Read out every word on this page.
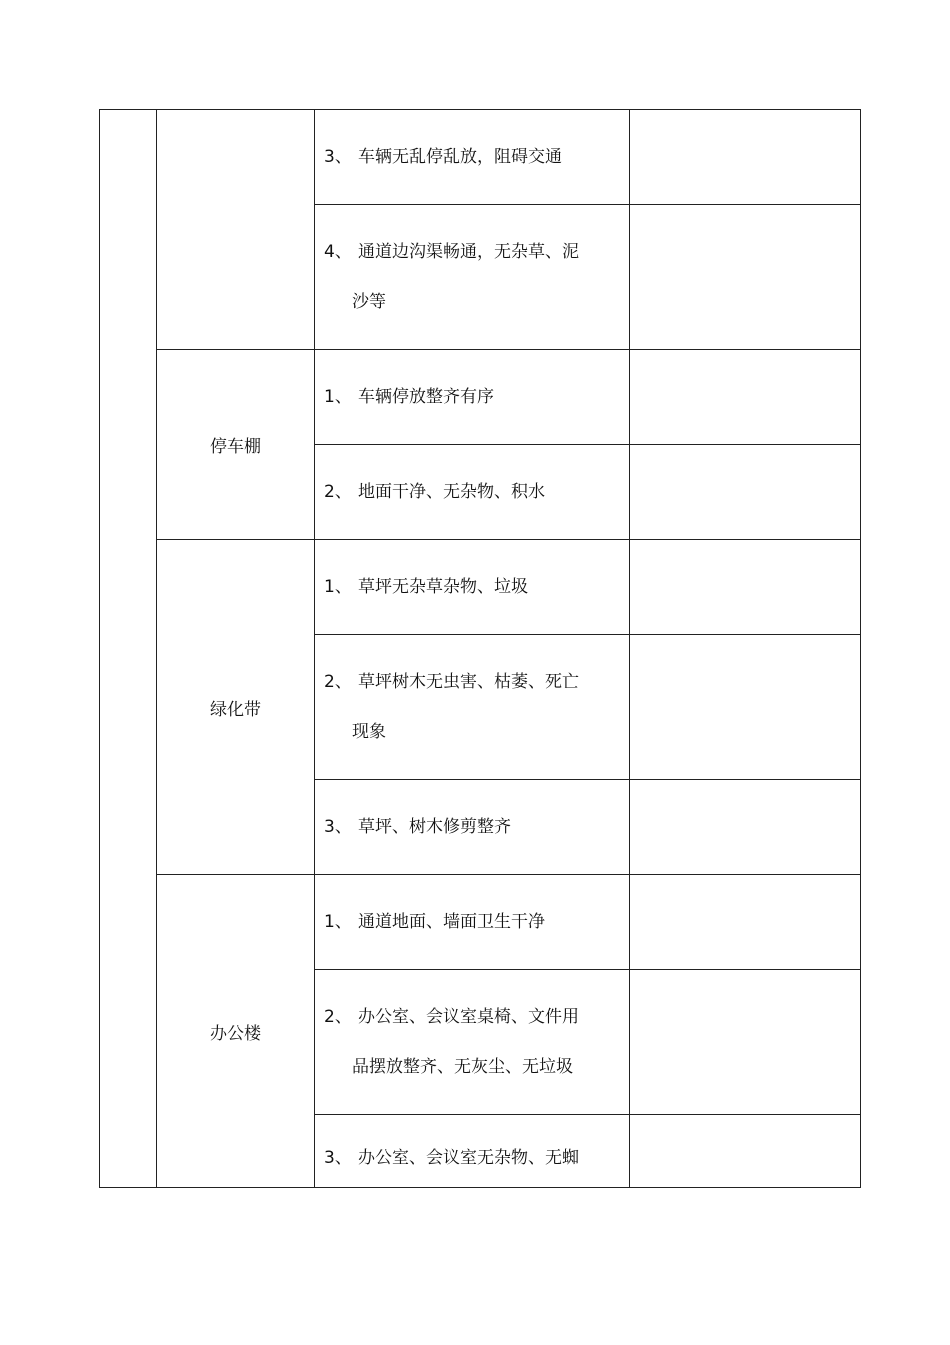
		3、 车辆无乱停乱放，阻碍交通	
		4、 通道边沟渠畅通，无杂草、泥
沙等	
	停车棚	1、 车辆停放整齐有序	
		2、 地面干净、无杂物、积水	
	绿化带	1、 草坪无杂草杂物、垃圾	
		2、 草坪树木无虫害、枯萎、死亡
现象	
		3、 草坪、树木修剪整齐	
	办公楼	1、 通道地面、墙面卫生干净	
		2、 办公室、会议室桌椅、文件用
品摆放整齐、无灰尘、无垃圾	
		3、 办公室、会议室无杂物、无蜘	
